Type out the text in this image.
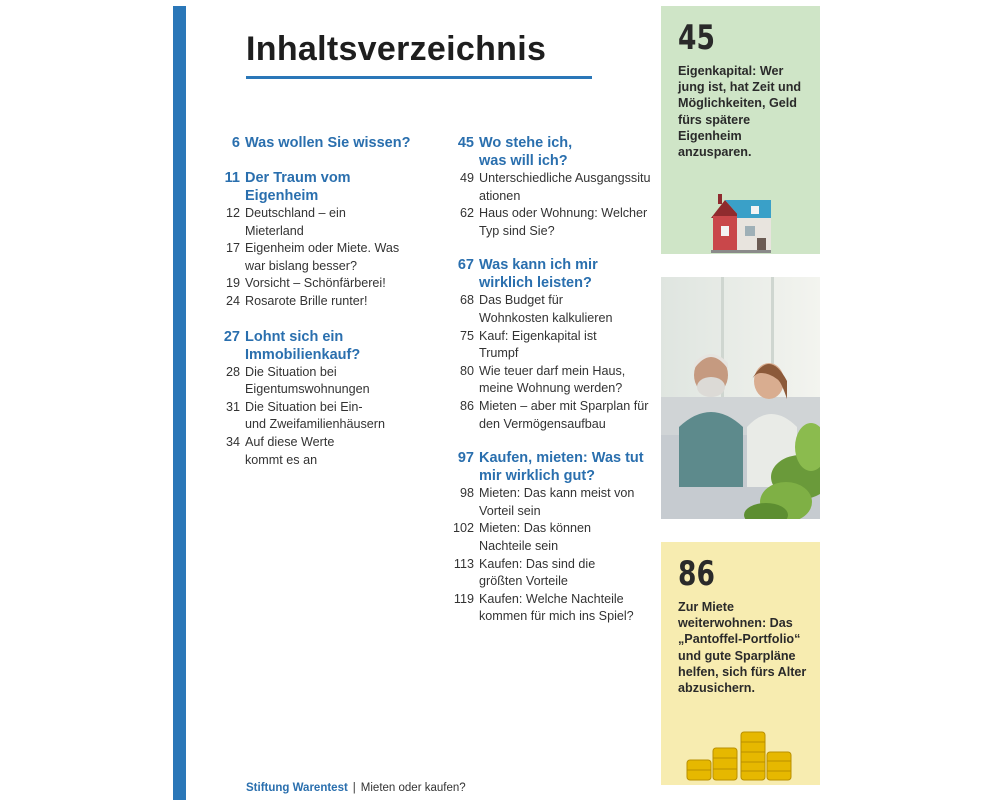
Inhaltsverzeichnis
6 Was wollen Sie wissen?
11 Der Traum vom Eigenheim
12 Deutschland – ein Mieterland
17 Eigenheim oder Miete. Was war bislang besser?
19 Vorsicht – Schönfärberei!
24 Rosarote Brille runter!
27 Lohnt sich ein Immobilienkauf?
28 Die Situation bei Eigentumswohnungen
31 Die Situation bei Ein- und Zweifamilienhäusern
34 Auf diese Werte kommt es an
45 Wo stehe ich, was will ich?
49 Unterschiedliche Ausgangssituationen
62 Haus oder Wohnung: Welcher Typ sind Sie?
67 Was kann ich mir wirklich leisten?
68 Das Budget für Wohnkosten kalkulieren
75 Kauf: Eigenkapital ist Trumpf
80 Wie teuer darf mein Haus, meine Wohnung werden?
86 Mieten – aber mit Sparplan für den Vermögensaufbau
97 Kaufen, mieten: Was tut mir wirklich gut?
98 Mieten: Das kann meist von Vorteil sein
102 Mieten: Das können Nachteile sein
113 Kaufen: Das sind die größten Vorteile
119 Kaufen: Welche Nachteile kommen für mich ins Spiel?
45
Eigenkapital: Wer jung ist, hat Zeit und Möglichkeiten, Geld fürs spätere Eigenheim anzusparen.
86
Zur Miete weiterwohnen: Das „Pantoffel-Portfolio“ und gute Sparpläne helfen, sich fürs Alter abzusichern.
Stiftung Warentest | Mieten oder kaufen?
